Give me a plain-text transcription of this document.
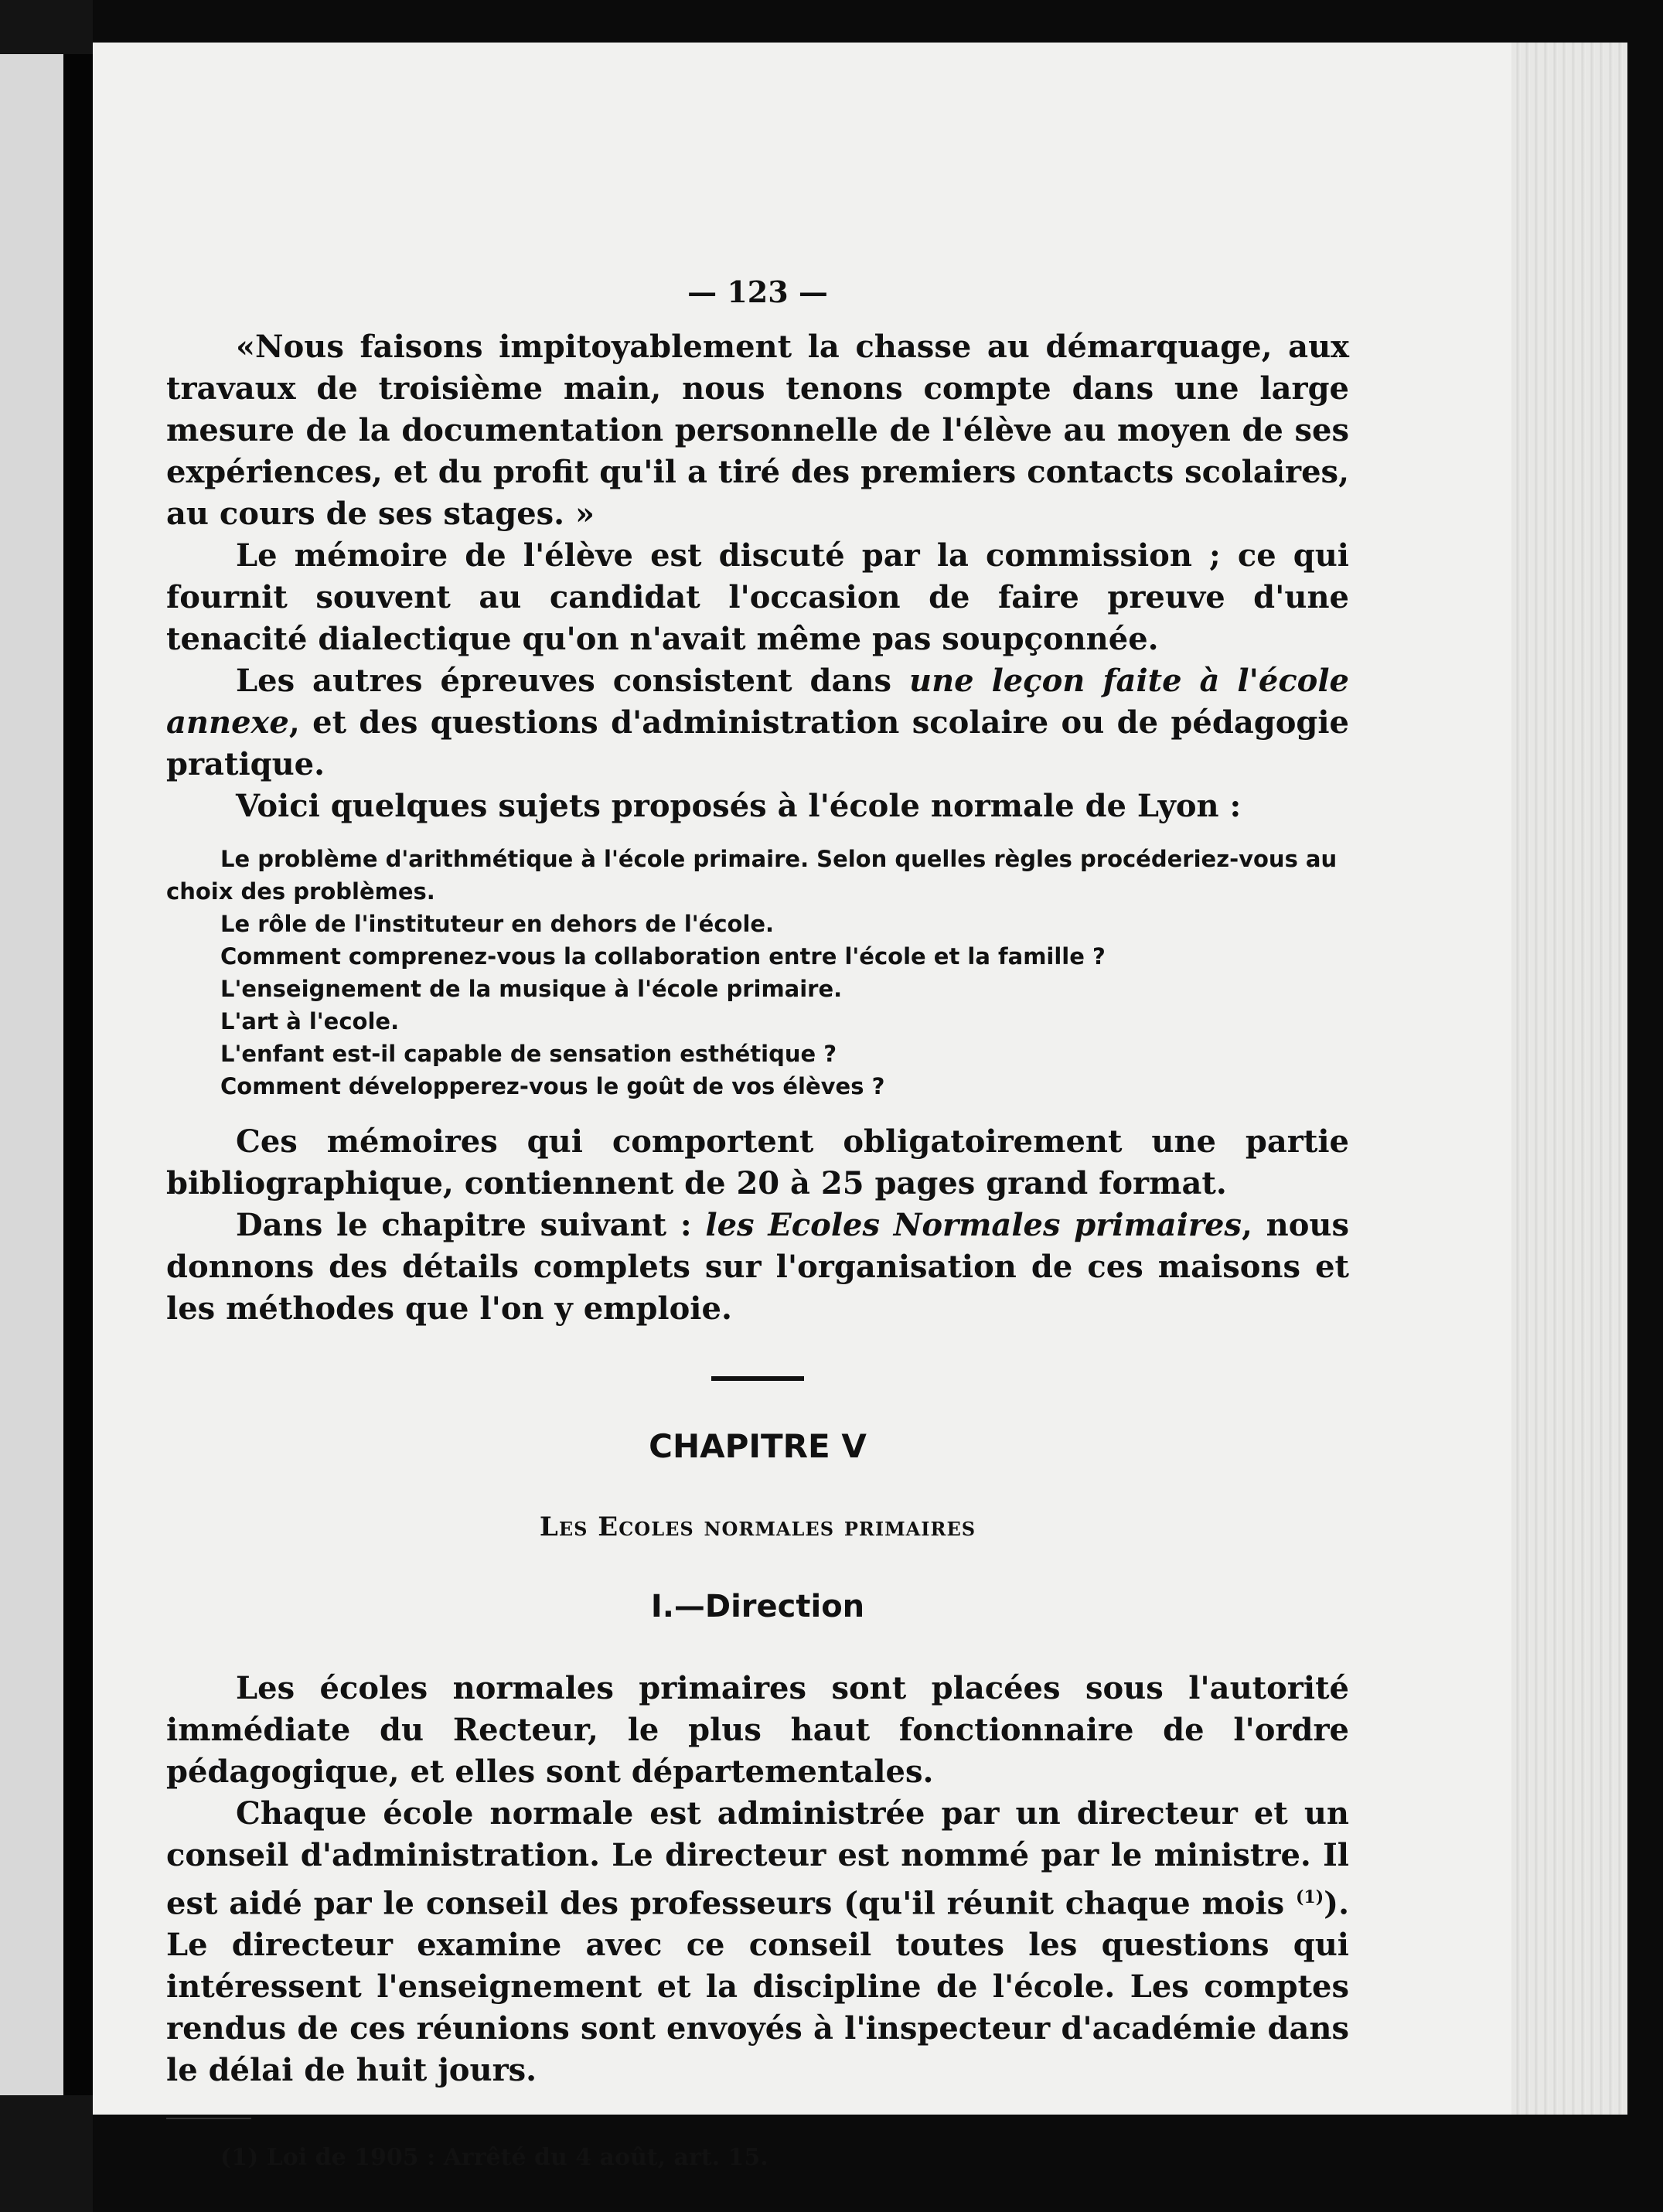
— 123 —

«Nous faisons impitoyablement la chasse au démarquage, aux travaux de troisième main, nous tenons compte dans une large mesure de la documentation personnelle de l'élève au moyen de ses expériences, et du profit qu'il a tiré des premiers contacts scolaires, au cours de ses stages. »

Le mémoire de l'élève est discuté par la commission ; ce qui fournit souvent au candidat l'occasion de faire preuve d'une tenacité dialectique qu'on n'avait même pas soupçonnée.

Les autres épreuves consistent dans une leçon faite à l'école annexe, et des questions d'administration scolaire ou de pédagogie pratique.

Voici quelques sujets proposés à l'école normale de Lyon :

Le problème d'arithmétique à l'école primaire. Selon quelles règles procéderiez-vous au choix des problèmes.

Le rôle de l'instituteur en dehors de l'école.

Comment comprenez-vous la collaboration entre l'école et la famille ?

L'enseignement de la musique à l'école primaire.

L'art à l'ecole.

L'enfant est-il capable de sensation esthétique ?

Comment développerez-vous le goût de vos élèves ?

Ces mémoires qui comportent obligatoirement une partie bibliographique, contiennent de 20 à 25 pages grand format.

Dans le chapitre suivant : les Ecoles Normales primaires, nous donnons des détails complets sur l'organisation de ces maisons et les méthodes que l'on y emploie.

CHAPITRE V

Les Ecoles normales primaires

I.—Direction

Les écoles normales primaires sont placées sous l'autorité immédiate du Recteur, le plus haut fonctionnaire de l'ordre pédagogique, et elles sont départementales.

Chaque école normale est administrée par un directeur et un conseil d'administration. Le directeur est nommé par le ministre. Il est aidé par le conseil des professeurs (qu'il réunit chaque mois $^{(1)}$). Le directeur examine avec ce conseil toutes les questions qui intéressent l'enseignement et la discipline de l'école. Les comptes rendus de ces réunions sont envoyés à l'inspecteur d'académie dans le délai de huit jours.

(1) Loi de 1905 : Arrêté du 4 août, art. 15.
